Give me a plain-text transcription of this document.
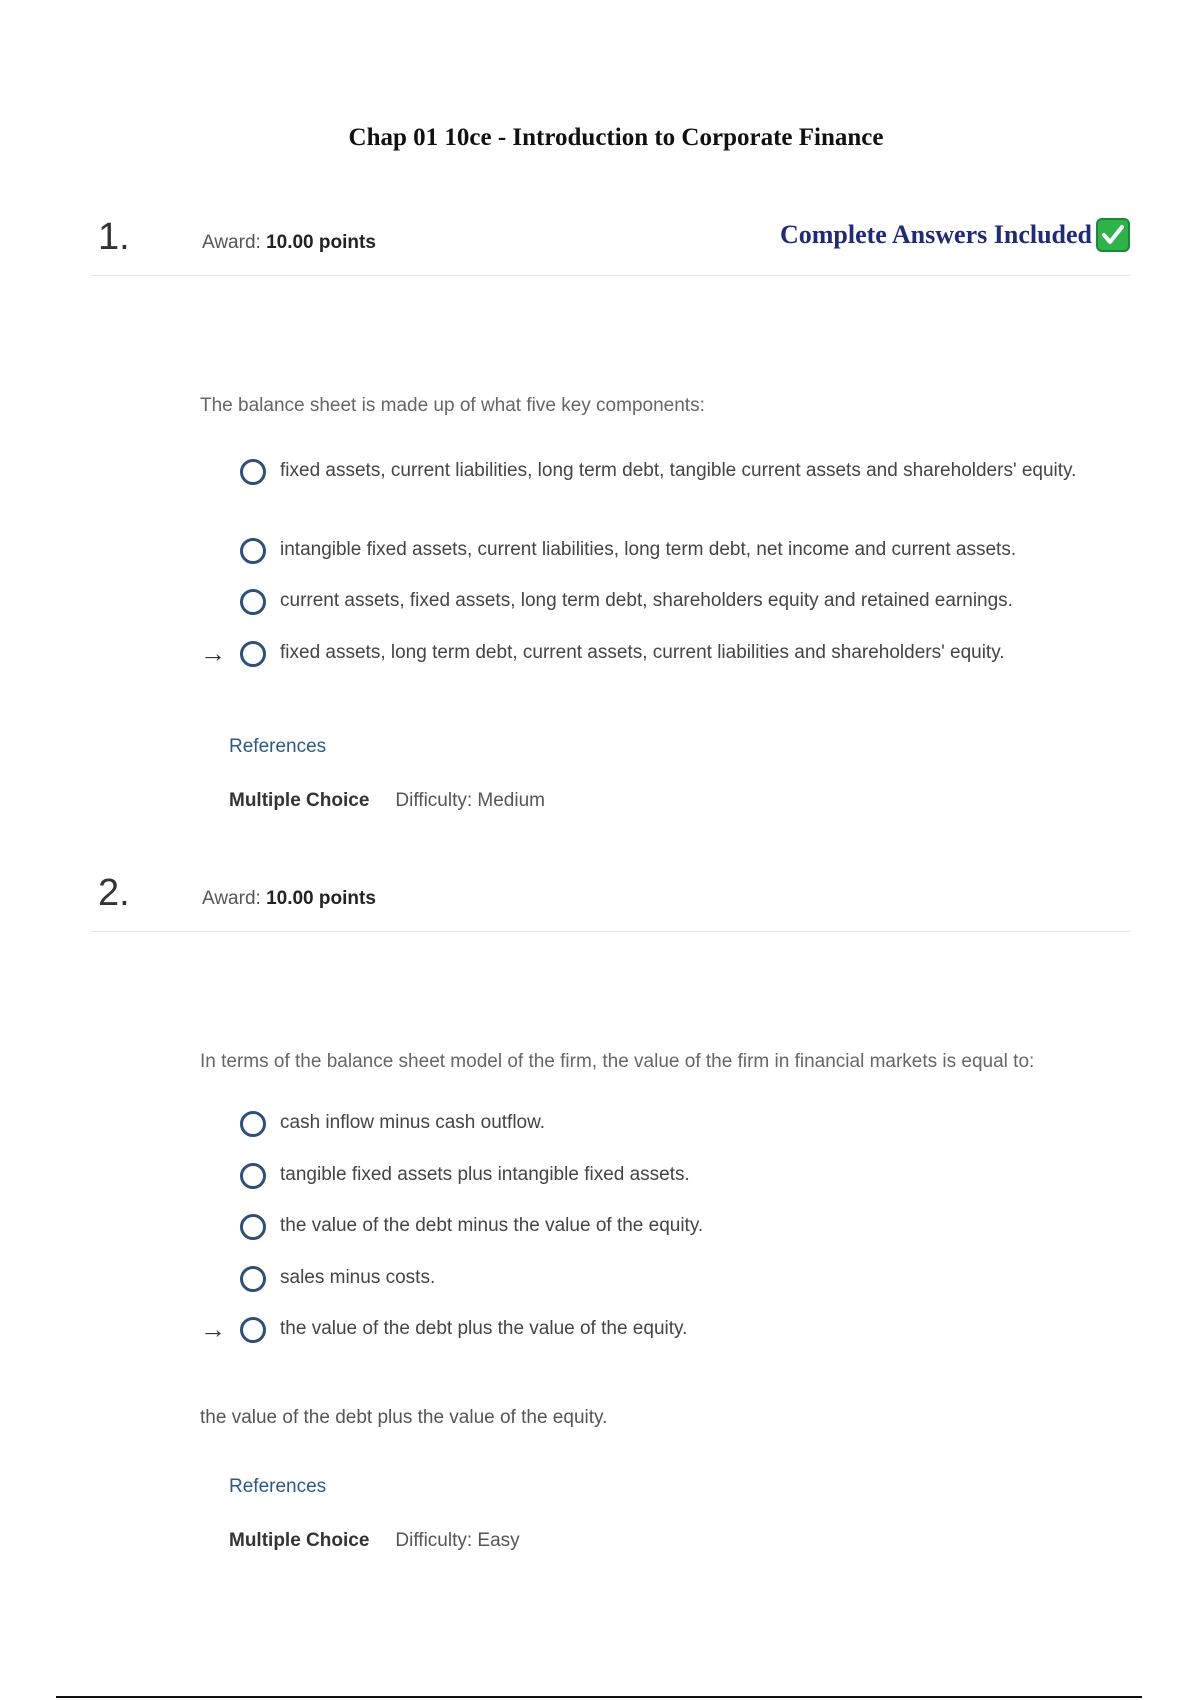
Chap 01 10ce - Introduction to Corporate Finance
1.	Award: 10.00 points	Complete Answers Included
The balance sheet is made up of what five key components:
fixed assets, current liabilities, long term debt, tangible current assets and shareholders' equity.
intangible fixed assets, current liabilities, long term debt, net income and current assets.
current assets, fixed assets, long term debt, shareholders equity and retained earnings.
→	fixed assets, long term debt, current assets, current liabilities and shareholders' equity.
References
Multiple Choice Difficulty: Medium
2.	Award: 10.00 points
In terms of the balance sheet model of the firm, the value of the firm in financial markets is equal to:
cash inflow minus cash outflow.
tangible fixed assets plus intangible fixed assets.
the value of the debt minus the value of the equity.
sales minus costs.
→	the value of the debt plus the value of the equity.
the value of the debt plus the value of the equity.
References
Multiple Choice Difficulty: Easy
